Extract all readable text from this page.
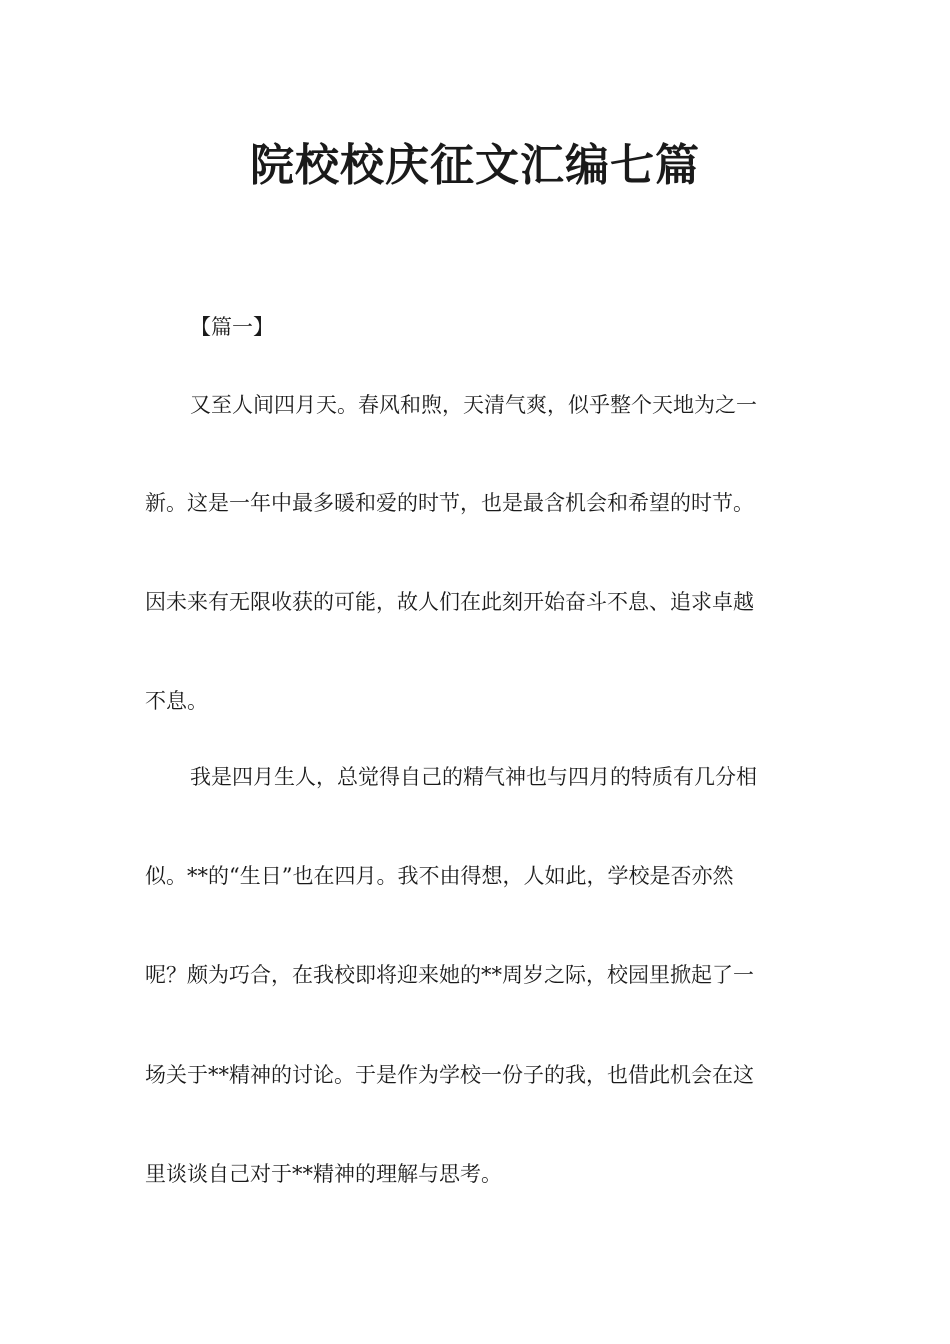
院校校庆征文汇编七篇
【篇一】

又至人间四月天。春风和煦，天清气爽，似乎整个天地为之一

新。这是一年中最多暖和爱的时节，也是最含机会和希望的时节。

因未来有无限收获的可能，故人们在此刻开始奋斗不息、追求卓越

不息。

我是四月生人，总觉得自己的精气神也与四月的特质有几分相

似。**的“生日”也在四月。我不由得想，人如此，学校是否亦然

呢？颇为巧合，在我校即将迎来她的**周岁之际，校园里掀起了一

场关于**精神的讨论。于是作为学校一份子的我，也借此机会在这

里谈谈自己对于**精神的理解与思考。
